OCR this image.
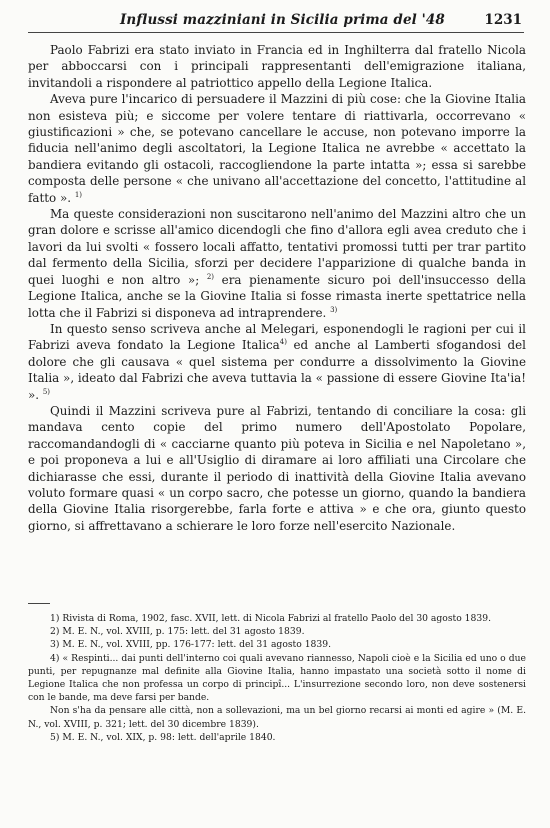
Influssi mazziniani in Sicilia prima del '48	1231

Paolo Fabrizi era stato inviato in Francia ed in Inghilterra dal fratello Nicola per abboccarsi con i principali rappresentanti dell'emigrazione italiana, invitandoli a rispondere al patriottico appello della Legione Italica.

Aveva pure l'incarico di persuadere il Mazzini di più cose: che la Giovine Italia non esisteva più; e siccome per volere tentare di riattivarla, occorrevano « giustificazioni » che, se potevano cancellare le accuse, non potevano imporre la fiducia nell'animo degli ascoltatori, la Legione Italica ne avrebbe « accettato la bandiera evitando gli ostacoli, raccogliendone la parte intatta »; essa si sarebbe composta delle persone « che univano all'accettazione del concetto, l'attitudine al fatto ». $^{1)}$

Ma queste considerazioni non suscitarono nell'animo del Mazzini altro che un gran dolore e scrisse all'amico dicendogli che fino d'allora egli avea creduto che i lavori da lui svolti « fossero locali affatto, tentativi promossi tutti per trar partito dal fermento della Sicilia, sforzi per decidere l'apparizione di qualche banda in quei luoghi e non altro »; $^{2)}$ era pienamente sicuro poi dell'insuccesso della Legione Italica, anche se la Giovine Italia si fosse rimasta inerte spettatrice nella lotta che il Fabrizi si disponeva ad intraprendere. $^{3)}$

In questo senso scriveva anche al Melegari, esponendogli le ragioni per cui il Fabrizi aveva fondato la Legione Italica$^{4)}$ ed anche al Lamberti sfogandosi del dolore che gli causava « quel sistema per condurre a dissolvimento la Giovine Italia », ideato dal Fabrizi che aveva tuttavia la « passione di essere Giovine Ita'ia! ». $^{5)}$

Quindi il Mazzini scriveva pure al Fabrizi, tentando di conciliare la cosa: gli mandava cento copie del primo numero dell'Apostolato Popolare, raccomandandogli di « cacciarne quanto più poteva in Sicilia e nel Napoletano », e poi proponeva a lui e all'Usiglio di diramare ai loro affiliati una Circolare che dichiarasse che essi, durante il periodo di inattività della Giovine Italia avevano voluto formare quasi « un corpo sacro, che potesse un giorno, quando la bandiera della Giovine Italia risorgerebbe, farla forte e attiva » e che ora, giunto questo giorno, si affrettavano a schierare le loro forze nell'esercito Nazionale.

1) Rivista di Roma, 1902, fasc. XVII, lett. di Nicola Fabrizi al fratello Paolo del 30 agosto 1839.

2) M. E. N., vol. XVIII, p. 175: lett. del 31 agosto 1839.

3) M. E. N., vol. XVIII, pp. 176-177: lett. del 31 agosto 1839.

4) « Respinti... dai punti dell'interno coi quali avevano riannesso, Napoli cioè e la Sicilia ed uno o due punti, per repugnanze mal definite alla Giovine Italia, hanno impastato una società sotto il nome di Legione Italica che non professa un corpo di principî... L'insurrezione secondo loro, non deve sostenersi con le bande, ma deve farsi per bande.

Non s'ha da pensare alle città, non a sollevazioni, ma un bel giorno recarsi ai monti ed agire » (M. E. N., vol. XVIII, p. 321; lett. del 30 dicembre 1839).

5) M. E. N., vol. XIX, p. 98: lett. dell'aprile 1840.
